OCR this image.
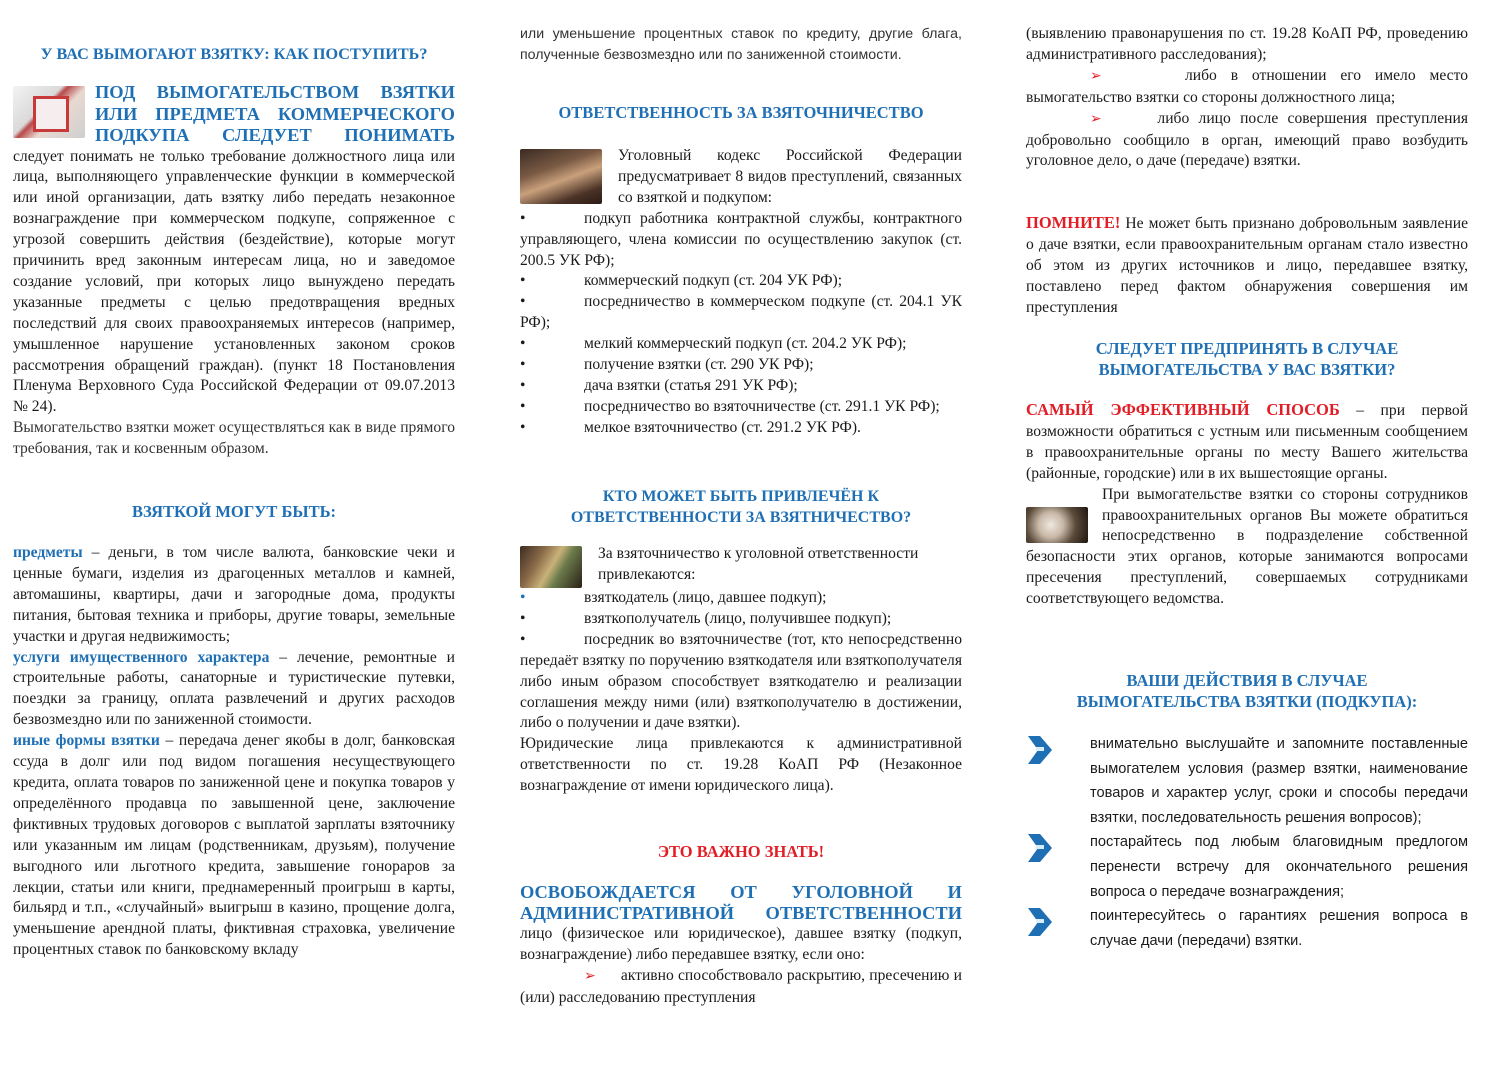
У ВАС ВЫМОГАЮТ ВЗЯТКУ: КАК ПОСТУПИТЬ?

ПОД ВЫМОГАТЕЛЬСТВОМ ВЗЯТКИ ИЛИ ПРЕДМЕТА КОММЕРЧЕСКОГО ПОДКУПА СЛЕДУЕТ ПОНИМАТЬ

следует понимать не только требование должностного лица или лица, выполняющего управленческие функции в коммерческой или иной организации, дать взятку либо передать незаконное вознаграждение при коммерческом подкупе, сопряженное с угрозой совершить действия (бездействие), которые могут причинить вред законным интересам лица, но и заведомое создание условий, при которых лицо вынуждено передать указанные предметы с целью предотвращения вредных последствий для своих правоохраняемых интересов (например, умышленное нарушение установленных законом сроков рассмотрения обращений граждан). (пункт 18 Постановления Пленума Верховного Суда Российской Федерации от 09.07.2013 № 24).

Вымогательство взятки может осуществляться как в виде прямого требования, так и косвенным образом.

ВЗЯТКОЙ МОГУТ БЫТЬ:

предметы – деньги, в том числе валюта, банковские чеки и ценные бумаги, изделия из драгоценных металлов и камней, автомашины, квартиры, дачи и загородные дома, продукты питания, бытовая техника и приборы, другие товары, земельные участки и другая недвижимость;

услуги имущественного характера – лечение, ремонтные и строительные работы, санаторные и туристические путевки, поездки за границу, оплата развлечений и других расходов безвозмездно или по заниженной стоимости.

иные формы взятки – передача денег якобы в долг, банковская ссуда в долг или под видом погашения несуществующего кредита, оплата товаров по заниженной цене и покупка товаров у определённого продавца по завышенной цене, заключение фиктивных трудовых договоров с выплатой зарплаты взяточнику или указанным им лицам (родственникам, друзьям), получение выгодного или льготного кредита, завышение гонораров за лекции, статьи или книги, преднамеренный проигрыш в карты, бильярд и т.п., «случайный» выигрыш в казино, прощение долга, уменьшение арендной платы, фиктивная страховка, увеличение процентных ставок по банковскому вкладу

или уменьшение процентных ставок по кредиту, другие блага, полученные безвозмездно или по заниженной стоимости.

ОТВЕТСТВЕННОСТЬ ЗА ВЗЯТОЧНИЧЕСТВО

Уголовный кодекс Российской Федерации предусматривает 8 видов преступлений, связанных со взяткой и подкупом:

•	подкуп работника контрактной службы, контрактного управляющего, члена комиссии по осуществлению закупок (ст. 200.5 УК РФ);

•	коммерческий подкуп (ст. 204 УК РФ);

•	посредничество в коммерческом подкупе (ст. 204.1 УК РФ);

•	мелкий коммерческий подкуп (ст. 204.2 УК РФ);

•	получение взятки (ст. 290 УК РФ);

•	дача взятки (статья 291 УК РФ);

•	посредничество во взяточничестве (ст. 291.1 УК РФ);

•	мелкое взяточничество (ст. 291.2 УК РФ).

КТО МОЖЕТ БЫТЬ ПРИВЛЕЧЁН К ОТВЕТСТВЕННОСТИ ЗА ВЗЯТНИЧЕСТВО?

За взяточничество к уголовной ответственности привлекаются:

•	взяткодатель (лицо, давшее подкуп);

•	взяткополучатель (лицо, получившее подкуп);

•	посредник во взяточничестве (тот, кто непосредственно передаёт взятку по поручению взяткодателя или взяткополучателя либо иным образом способствует взяткодателю и реализации соглашения между ними (или) взяткополучателю в достижении, либо о получении и даче взятки).

Юридические лица привлекаются к административной ответственности по ст. 19.28 КоАП РФ (Незаконное вознаграждение от имени юридического лица).

ЭТО ВАЖНО ЗНАТЬ!

ОСВОБОЖДАЕТСЯ ОТ УГОЛОВНОЙ И АДМИНИСТРАТИВНОЙ ОТВЕТСТВЕННОСТИ

лицо (физическое или юридическое), давшее взятку (подкуп, вознаграждение) либо передавшее взятку, если оно:

➢ активно способствовало раскрытию, пресечению и (или) расследованию преступления

(выявлению правонарушения по ст. 19.28 КоАП РФ, проведению административного расследования);

➢	либо в отношении его имело место вымогательство взятки со стороны должностного лица;

➢	либо лицо после совершения преступления добровольно сообщило в орган, имеющий право возбудить уголовное дело, о даче (передаче) взятки.

ПОМНИТЕ! Не может быть признано добровольным заявление о даче взятки, если правоохранительным органам стало известно об этом из других источников и лицо, передавшее взятку, поставлено перед фактом обнаружения совершения им преступления

СЛЕДУЕТ ПРЕДПРИНЯТЬ В СЛУЧАЕ ВЫМОГАТЕЛЬСТВА У ВАС ВЗЯТКИ?

САМЫЙ ЭФФЕКТИВНЫЙ СПОСОБ – при первой возможности обратиться с устным или письменным сообщением в правоохранительные органы по месту Вашего жительства (районные, городские) или в их вышестоящие органы.

При вымогательстве взятки со стороны сотрудников правоохранительных органов Вы можете обратиться непосредственно в подразделение собственной безопасности этих органов, которые занимаются вопросами пресечения преступлений, совершаемых сотрудниками соответствующего ведомства.

ВАШИ ДЕЙСТВИЯ В СЛУЧАЕ ВЫМОГАТЕЛЬСТВА ВЗЯТКИ (ПОДКУПА):

внимательно выслушайте и запомните поставленные вымогателем условия (размер взятки, наименование товаров и характер услуг, сроки и способы передачи взятки, последовательность решения вопросов);
постарайтесь под любым благовидным предлогом перенести встречу для окончательного решения вопроса о передаче вознаграждения;
поинтересуйтесь о гарантиях решения вопроса в случае дачи (передачи) взятки.
